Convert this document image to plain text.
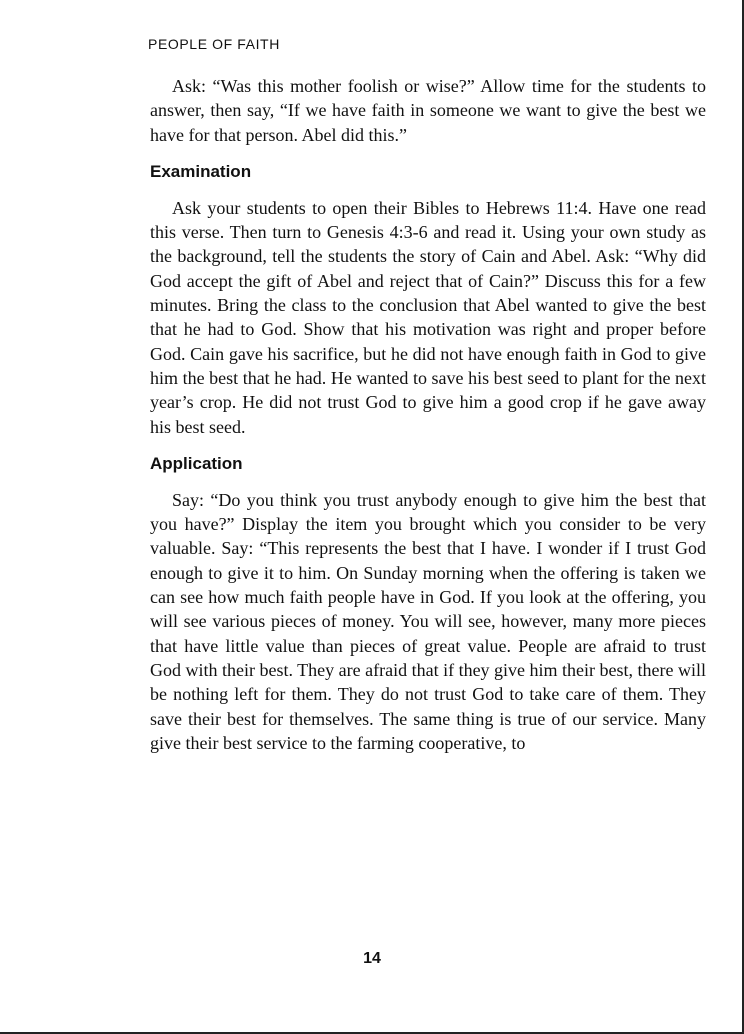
PEOPLE OF FAITH

Ask: “Was this mother foolish or wise?” Allow time for the students to answer, then say, “If we have faith in someone we want to give the best we have for that person. Abel did this.”

Examination

Ask your students to open their Bibles to Hebrews 11:4. Have one read this verse. Then turn to Genesis 4:3-6 and read it. Using your own study as the background, tell the students the story of Cain and Abel. Ask: “Why did God accept the gift of Abel and reject that of Cain?” Discuss this for a few minutes. Bring the class to the conclusion that Abel wanted to give the best that he had to God. Show that his motivation was right and proper before God. Cain gave his sacrifice, but he did not have enough faith in God to give him the best that he had. He wanted to save his best seed to plant for the next year’s crop. He did not trust God to give him a good crop if he gave away his best seed.

Application

Say: “Do you think you trust anybody enough to give him the best that you have?” Display the item you brought which you consider to be very valuable. Say: “This represents the best that I have. I wonder if I trust God enough to give it to him. On Sunday morning when the offering is taken we can see how much faith people have in God. If you look at the offering, you will see various pieces of money. You will see, however, many more pieces that have little value than pieces of great value. People are afraid to trust God with their best. They are afraid that if they give him their best, there will be nothing left for them. They do not trust God to take care of them. They save their best for themselves. The same thing is true of our service. Many give their best service to the farming cooperative, to

14
